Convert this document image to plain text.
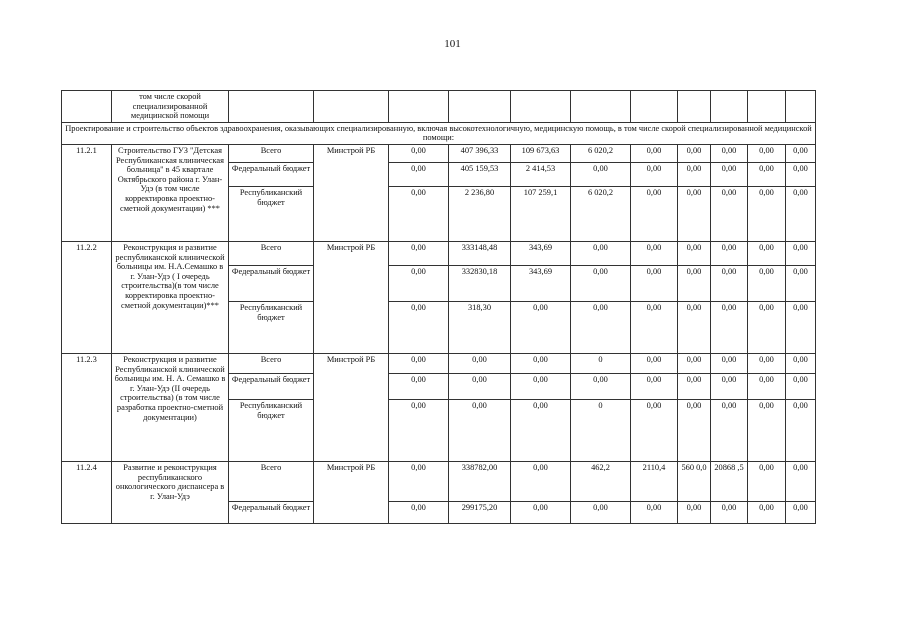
101
	том числе скорой специализированной медицинской помощи											
Проектирование и строительство объектов здравоохранения, оказывающих специализированную, включая высокотехнологичную, медицинскую помощь, в том числе скорой специализированной медицинской помощи:												
11.2.1	Строительство ГУЗ "Детская Республиканская клиническая больница" в 45 квартале Октябрьского района г. Улан-Удэ (в том числе корректировка проектно-сметной документации) ***	Всего	Минстрой РБ	0,00	407 396,33	109 673,63	6 020,2	0,00	0,00	0,00	0,00	0,00
		Федеральный бюджет		0,00	405 159,53	2 414,53	0,00	0,00	0,00	0,00	0,00	0,00
		Республиканский бюджет		0,00	2 236,80	107 259,1	6 020,2	0,00	0,00	0,00	0,00	0,00
11.2.2	Реконструкция и развитие республиканской клинической больницы им. Н.А.Семашко в г. Улан-Удэ ( I очередь строительства)(в том числе корректировка проектно-сметной документации)***	Всего	Минстрой РБ	0,00	333148,48	343,69	0,00	0,00	0,00	0,00	0,00	0,00
		Федеральный бюджет		0,00	332830,18	343,69	0,00	0,00	0,00	0,00	0,00	0,00
		Республиканский бюджет		0,00	318,30	0,00	0,00	0,00	0,00	0,00	0,00	0,00
11.2.3	Реконструкция и развитие Республиканской клинической больницы им. Н. А. Семашко в г. Улан-Удэ (II очередь строительства) (в том числе разработка проектно-сметной документации)	Всего	Минстрой РБ	0,00	0,00	0,00	0	0,00	0,00	0,00	0,00	0,00
		Федеральный бюджет		0,00	0,00	0,00	0,00	0,00	0,00	0,00	0,00	0,00
		Республиканский бюджет		0,00	0,00	0,00	0	0,00	0,00	0,00	0,00	0,00
11.2.4	Развитие и реконструкция республиканского онкологического диспансера в г. Улан-Удэ	Всего	Минстрой РБ	0,00	338782,00	0,00	462,2	2110,4	560 0,0	20868 ,5	0,00	0,00
		Федеральный бюджет		0,00	299175,20	0,00	0,00	0,00	0,00	0,00	0,00	0,00
